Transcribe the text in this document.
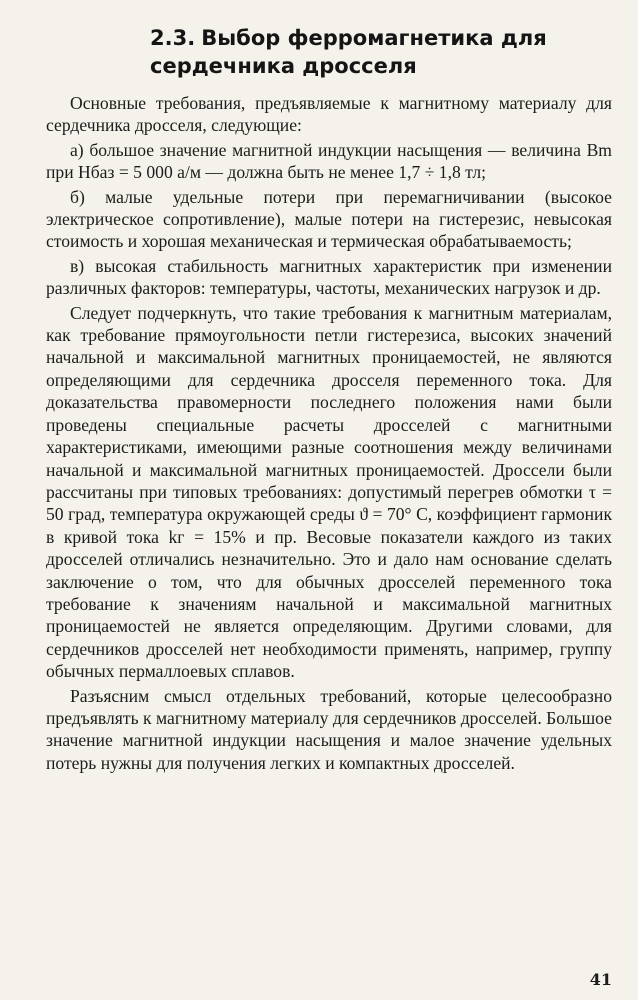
2.3. Выбор ферромагнетика для сердечника дросселя

Основные требования, предъявляемые к магнитному материалу для сердечника дросселя, следующие:

а) большое значение магнитной индукции насыщения — величина Bm при Hбаз = 5 000 а/м — должна быть не менее 1,7 ÷ 1,8 тл;

б) малые удельные потери при перемагничивании (высокое электрическое сопротивление), малые потери на гистерезис, невысокая стоимость и хорошая механическая и термическая обрабатываемость;

в) высокая стабильность магнитных характеристик при изменении различных факторов: температуры, частоты, механических нагрузок и др.

Следует подчеркнуть, что такие требования к магнитным материалам, как требование прямоугольности петли гистерезиса, высоких значений начальной и максимальной магнитных проницаемостей, не являются определяющими для сердечника дросселя переменного тока. Для доказательства правомерности последнего положения нами были проведены специальные расчеты дросселей с магнитными характеристиками, имеющими разные соотношения между величинами начальной и максимальной магнитных проницаемостей. Дроссели были рассчитаны при типовых требованиях: допустимый перегрев обмотки τ = 50 град, температура окружающей среды ϑ = 70° С, коэффициент гармоник в кривой тока kг = 15% и пр. Весовые показатели каждого из таких дросселей отличались незначительно. Это и дало нам основание сделать заключение о том, что для обычных дросселей переменного тока требование к значениям начальной и максимальной магнитных проницаемостей не является определяющим. Другими словами, для сердечников дросселей нет необходимости применять, например, группу обычных пермаллоевых сплавов.

Разъясним смысл отдельных требований, которые целесообразно предъявлять к магнитному материалу для сердечников дросселей. Большое значение магнитной индукции насыщения и малое значение удельных потерь нужны для получения легких и компактных дросселей.

41
